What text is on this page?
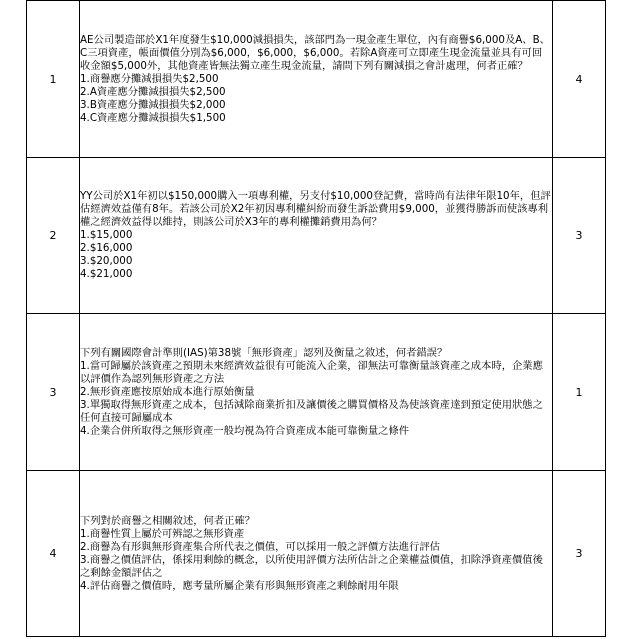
1	AE公司製造部於X1年度發生$10,000減損損失，該部門為一現金產生單位，內有商譽$6,000及A、B、C三項資產，帳面價值分別為$6,000，$6,000，$6,000。若除A資產可立即產生現金流量並具有可回收金額$5,000外，其他資產皆無法獨立產生現金流量，請問下列有關減損之會計處理，何者正確？
1.商譽應分攤減損損失$2,500
2.A資產應分攤減損損失$2,500
3.B資產應分攤減損損失$2,000
4.C資產應分攤減損損失$1,500	4
2	YY公司於X1年初以$150,000購入一項專利權，另支付$10,000登記費，當時尚有法律年限10年，但評估經濟效益僅有8年。若該公司於X2年初因專利權糾紛而發生訴訟費用$9,000，並獲得勝訴而使該專利權之經濟效益得以維持，則該公司於X3年的專利權攤銷費用為何？
1.$15,000
2.$16,000
3.$20,000
4.$21,000	3
3	下列有關國際會計準則(IAS)第38號「無形資產」認列及衡量之敘述，何者錯誤？
1.當可歸屬於該資產之預期未來經濟效益很有可能流入企業，卻無法可靠衡量該資產之成本時，企業應以評價作為認列無形資產之方法
2.無形資產應按原始成本進行原始衡量
3.單獨取得無形資產之成本，包括減除商業折扣及讓價後之購買價格及為使該資產達到預定使用狀態之任何直接可歸屬成本
4.企業合併所取得之無形資產一般均視為符合資產成本能可靠衡量之條件	1
4	下列對於商譽之相關敘述，何者正確？
1.商譽性質上屬於可辨認之無形資產
2.商譽為有形與無形資產集合所代表之價值，可以採用一般之評價方法進行評估
3.商譽之價值評估，係採用剩餘的概念，以所使用評價方法所估計之企業權益價值，扣除淨資產價值後之剩餘金額評估之
4.評估商譽之價值時，應考量所屬企業有形與無形資產之剩餘耐用年限	3
